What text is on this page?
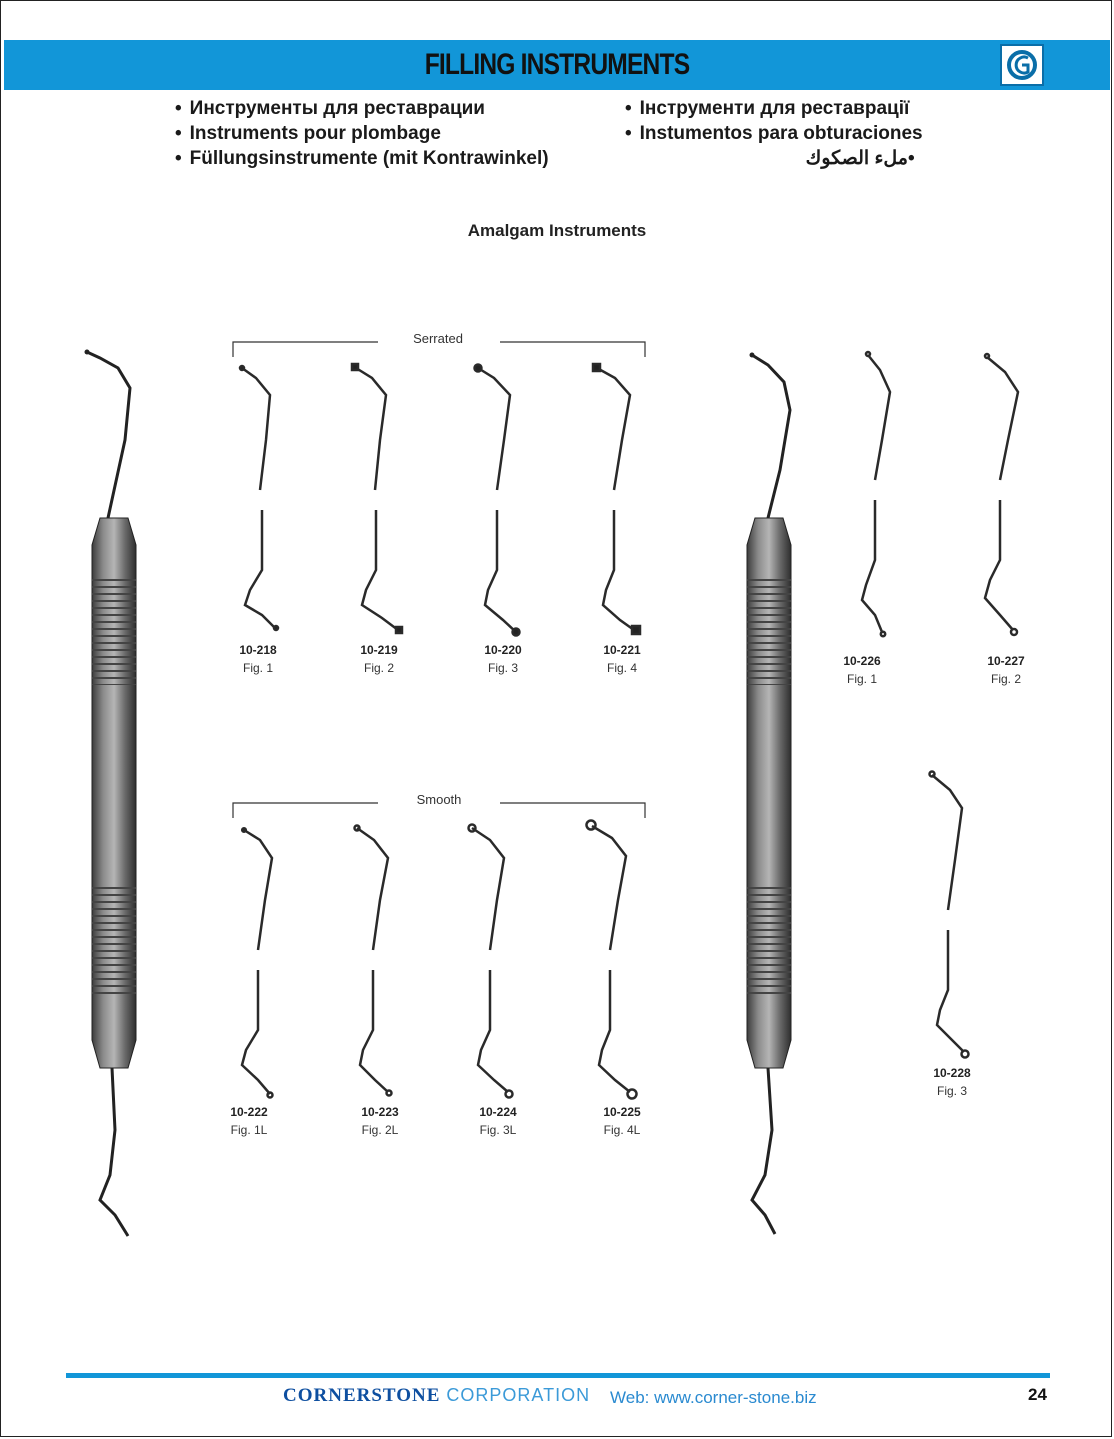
FILLING INSTRUMENTS
• Инструменты для реставрации
• Instruments pour plombage
• Füllungsinstrumente (mit Kontrawinkel)
• Інструменти для реставрації
• Instumentos para obturaciones
• ملء الصكوك
Amalgam Instruments
Serrated
Smooth
10-218
Fig. 1
10-219
Fig. 2
10-220
Fig. 3
10-221
Fig. 4
10-222
Fig. 1L
10-223
Fig. 2L
10-224
Fig. 3L
10-225
Fig. 4L
10-226
Fig. 1
10-227
Fig. 2
10-228
Fig. 3
CORNERSTONE CORPORATION Web: www.corner-stone.biz	24
